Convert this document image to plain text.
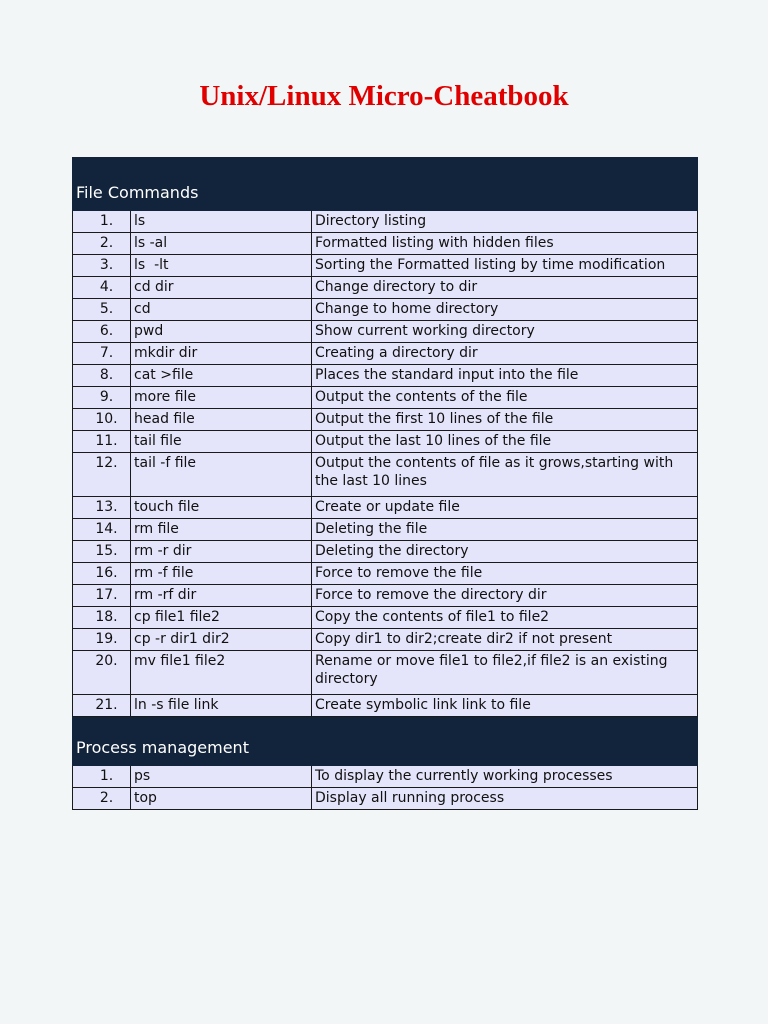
Unix/Linux Micro-Cheatbook
File Commands		
1.	ls	Directory listing
2.	ls -al	Formatted listing with hidden files
3.	ls  -lt	Sorting the Formatted listing by time modification
4.	cd dir	Change directory to dir
5.	cd	Change to home directory
6.	pwd	Show current working directory
7.	mkdir dir	Creating a directory dir
8.	cat >file	Places the standard input into the file
9.	more file	Output the contents of the file
10.	head file	Output the first 10 lines of the file
11.	tail file	Output the last 10 lines of the file
12.	tail -f file	Output the contents of file as it grows,starting with the last 10 lines
13.	touch file	Create or update file
14.	rm file	Deleting the file
15.	rm -r dir	Deleting the directory
16.	rm -f file	Force to remove the file
17.	rm -rf dir	Force to remove the directory dir
18.	cp file1 file2	Copy the contents of file1 to file2
19.	cp -r dir1 dir2	Copy dir1 to dir2;create dir2 if not present
20.	mv file1 file2	Rename or move file1 to file2,if file2 is an existing directory
21.	ln -s file link	Create symbolic link link to file
Process management		
1.	ps	To display the currently working processes
2.	top	Display all running process
